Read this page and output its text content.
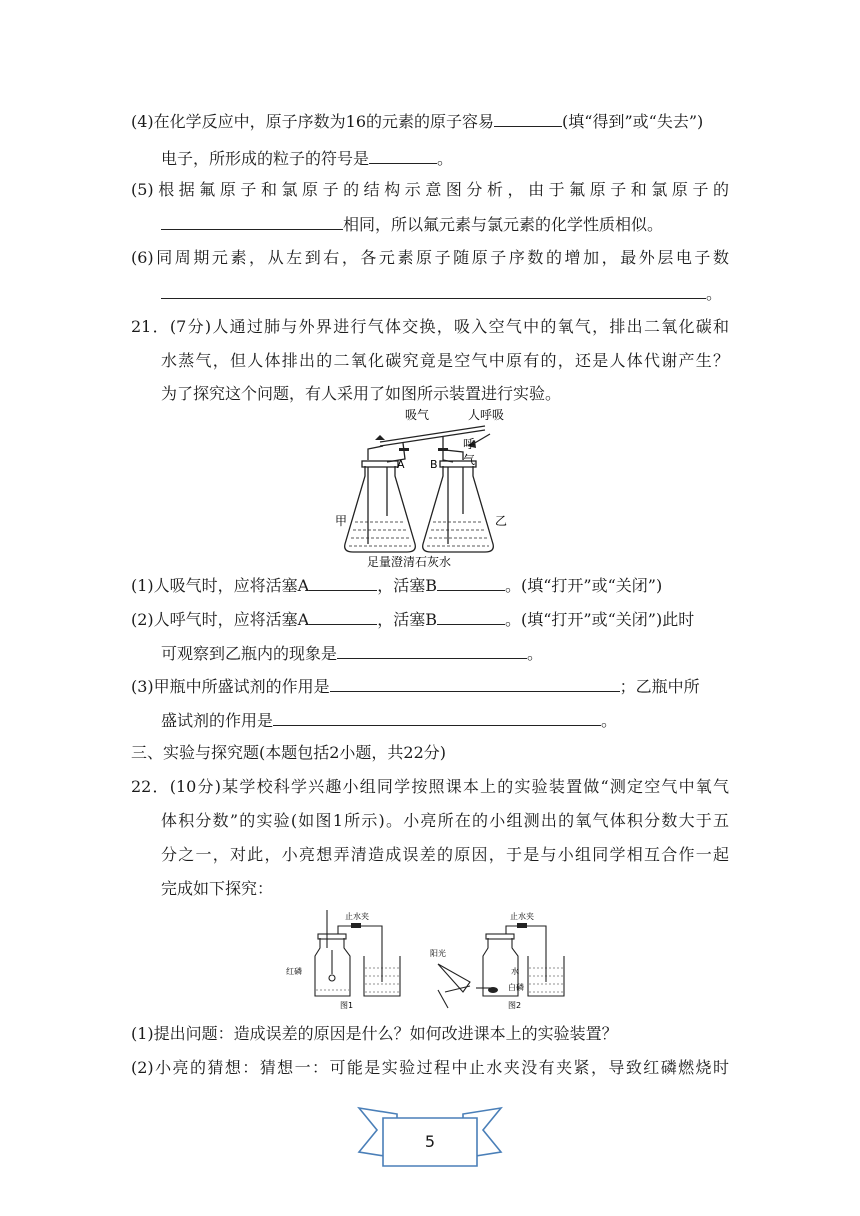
(4)在化学反应中，原子序数为16的元素的原子容易	(填“得到”或“失去”)
电子，所形成的粒子的符号是	。
(5)根据氟原子和氯原子的结构示意图分析，由于氟原子和氯原子的
相同，所以氟元素与氯元素的化学性质相似。
(6)同周期元素，从左到右，各元素原子随原子序数的增加，最外层电子数
。
21．(7分)人通过肺与外界进行气体交换，吸入空气中的氧气，排出二氧化碳和
水蒸气，但人体排出的二氧化碳究竟是空气中原有的，还是人体代谢产生？
为了探究这个问题，有人采用了如图所示装置进行实验。
吸气	人呼吸
呼
气
A B
甲	乙
足量澄清石灰水
(1)人吸气时，应将活塞A	，活塞B	。(填“打开”或“关闭”)
(2)人呼气时，应将活塞A	，活塞B	。(填“打开”或“关闭”)此时
可观察到乙瓶内的现象是	。
(3)甲瓶中所盛试剂的作用是	；乙瓶中所
盛试剂的作用是	。
三、实验与探究题(本题包括2小题，共22分)
22．(10分)某学校科学兴趣小组同学按照课本上的实验装置做“测定空气中氧气
体积分数”的实验(如图1所示)。小亮所在的小组测出的氧气体积分数大于五
分之一，对此，小亮想弄清造成误差的原因，于是与小组同学相互合作一起
完成如下探究：
止水夹
红磷
图1
止水夹
阳光
水
白磷
图2
(1)提出问题：造成误差的原因是什么？如何改进课本上的实验装置？
(2)小亮的猜想：猜想一：可能是实验过程中止水夹没有夹紧，导致红磷燃烧时
5
